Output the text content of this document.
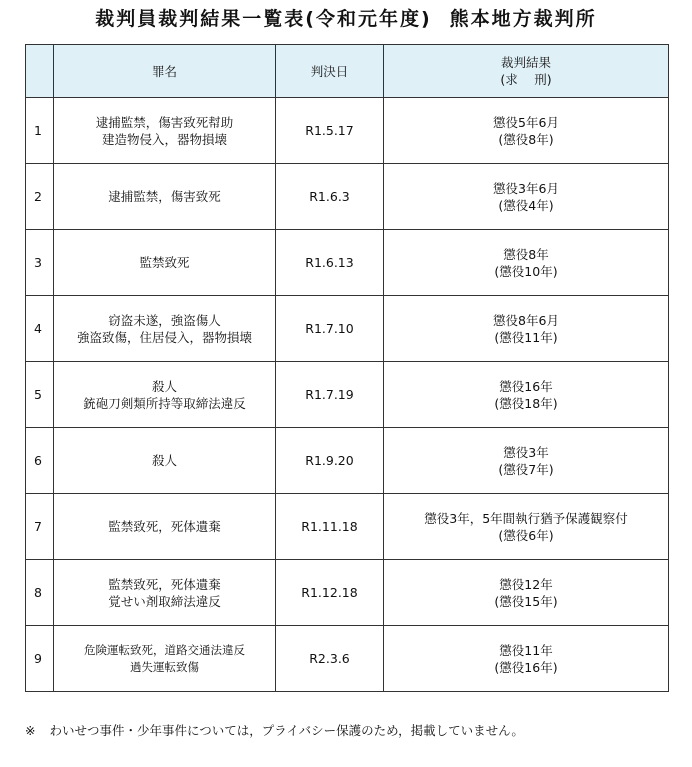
裁判員裁判結果一覧表(令和元年度) 熊本地方裁判所
	罪名	判決日	裁判結果
(求　 刑)

1	逮捕監禁，傷害致死幇助
建造物侵入，器物損壊	R1.5.17	懲役5年6月
(懲役8年)

2	逮捕監禁，傷害致死	R1.6.3	懲役3年6月
(懲役4年)

3	監禁致死	R1.6.13	懲役8年
(懲役10年)

4	窃盗未遂，強盗傷人
強盗致傷，住居侵入，器物損壊	R1.7.10	懲役8年6月
(懲役11年)

5	殺人
銃砲刀剣類所持等取締法違反	R1.7.19	懲役16年
(懲役18年)

6	殺人	R1.9.20	懲役3年
(懲役7年)

7	監禁致死，死体遺棄	R1.11.18	懲役3年，5年間執行猶予保護観察付
(懲役6年)

8	監禁致死，死体遺棄
覚せい剤取締法違反	R1.12.18	懲役12年
(懲役15年)

9	危険運転致死，道路交通法違反
過失運転致傷	R2.3.6	懲役11年
(懲役16年)
※ わいせつ事件・少年事件については，プライバシー保護のため，掲載していません。
